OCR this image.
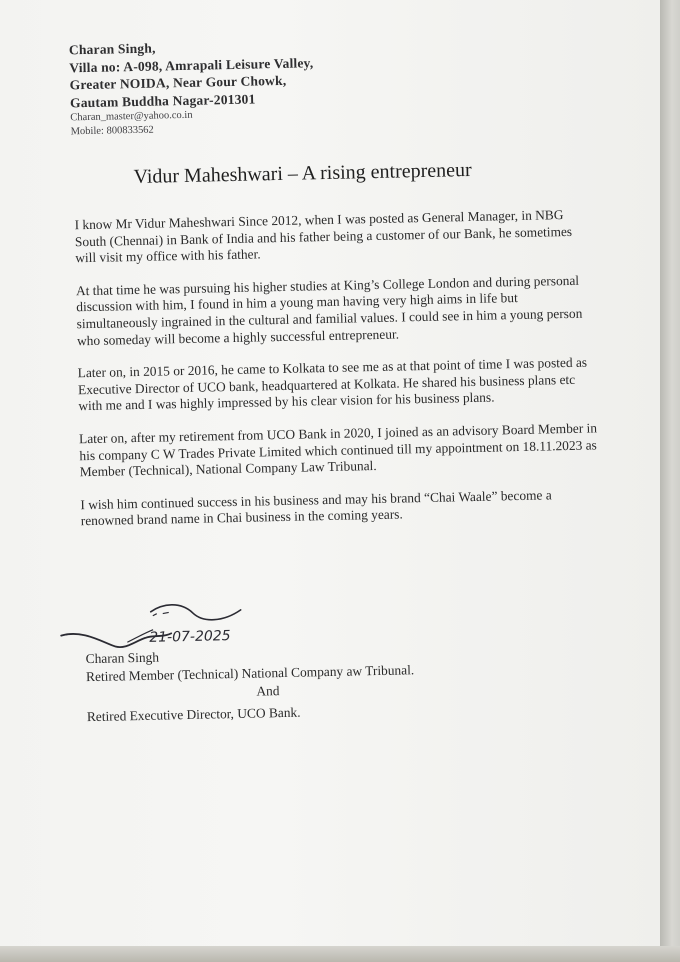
Charan Singh,
Villa no: A-098, Amrapali Leisure Valley,
Greater NOIDA, Near Gour Chowk,
Gautam Buddha Nagar-201301
Charan_master@yahoo.co.in
Mobile: 800833562
Vidur Maheshwari – A rising entrepreneur

I know Mr Vidur Maheshwari Since 2012, when I was posted as General Manager, in NBG South (Chennai) in Bank of India and his father being a customer of our Bank, he sometimes will visit my office with his father.

At that time he was pursuing his higher studies at King’s College London and during personal discussion with him, I found in him a young man having very high aims in life but simultaneously ingrained in the cultural and familial values. I could see in him a young person who someday will become a highly successful entrepreneur.

Later on, in 2015 or 2016, he came to Kolkata to see me as at that point of time I was posted as Executive Director of UCO bank, headquartered at Kolkata. He shared his business plans etc with me and I was highly impressed by his clear vision for his business plans.

Later on, after my retirement from UCO Bank in 2020, I joined as an advisory Board Member in his company C W Trades Private Limited which continued till my appointment on 18.11.2023 as Member (Technical), National Company Law Tribunal.

I wish him continued success in his business and may his brand “Chai Waale” become a renowned brand name in Chai business in the coming years.

21-07-2025
Charan Singh
Retired Member (Technical) National Company aw Tribunal.
And
Retired Executive Director, UCO Bank.
